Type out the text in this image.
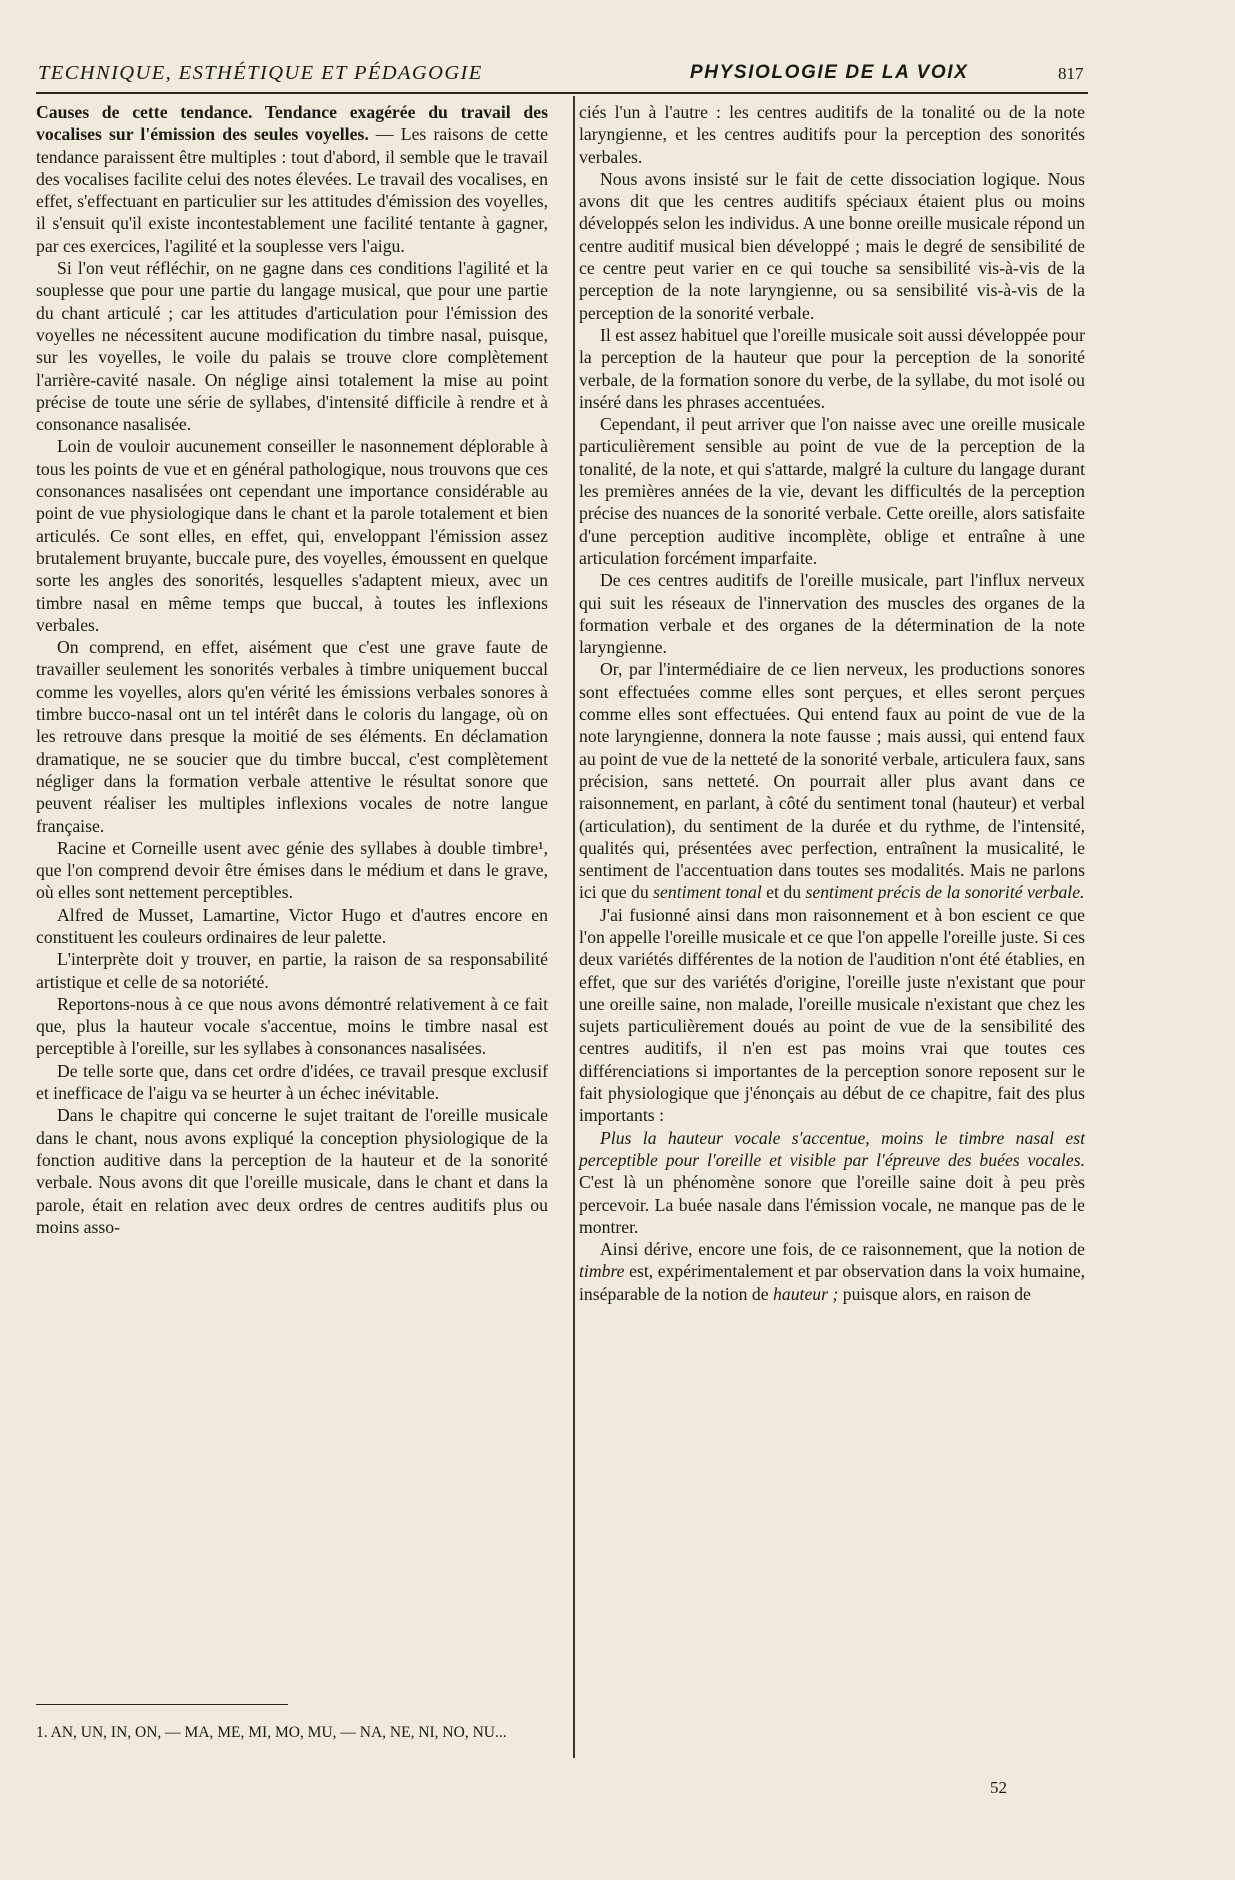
TECHNIQUE, ESTHÉTIQUE ET PÉDAGOGIE	PHYSIOLOGIE DE LA VOIX	817

Causes de cette tendance. Tendance exagérée du travail des vocalises sur l'émission des seules voyelles. — Les raisons de cette tendance paraissent être multiples : tout d'abord, il semble que le travail des vocalises facilite celui des notes élevées. Le travail des vocalises, en effet, s'effectuant en particulier sur les attitudes d'émission des voyelles, il s'ensuit qu'il existe incontestablement une facilité tentante à gagner, par ces exercices, l'agilité et la souplesse vers l'aigu.

Si l'on veut réfléchir, on ne gagne dans ces conditions l'agilité et la souplesse que pour une partie du langage musical, que pour une partie du chant articulé ; car les attitudes d'articulation pour l'émission des voyelles ne nécessitent aucune modification du timbre nasal, puisque, sur les voyelles, le voile du palais se trouve clore complètement l'arrière-cavité nasale. On néglige ainsi totalement la mise au point précise de toute une série de syllabes, d'intensité difficile à rendre et à consonance nasalisée.

Loin de vouloir aucunement conseiller le nasonnement déplorable à tous les points de vue et en général pathologique, nous trouvons que ces consonances nasalisées ont cependant une importance considérable au point de vue physiologique dans le chant et la parole totalement et bien articulés. Ce sont elles, en effet, qui, enveloppant l'émission assez brutalement bruyante, buccale pure, des voyelles, émoussent en quelque sorte les angles des sonorités, lesquelles s'adaptent mieux, avec un timbre nasal en même temps que buccal, à toutes les inflexions verbales.

On comprend, en effet, aisément que c'est une grave faute de travailler seulement les sonorités verbales à timbre uniquement buccal comme les voyelles, alors qu'en vérité les émissions verbales sonores à timbre bucco-nasal ont un tel intérêt dans le coloris du langage, où on les retrouve dans presque la moitié de ses éléments. En déclamation dramatique, ne se soucier que du timbre buccal, c'est complètement négliger dans la formation verbale attentive le résultat sonore que peuvent réaliser les multiples inflexions vocales de notre langue française.

Racine et Corneille usent avec génie des syllabes à double timbre¹, que l'on comprend devoir être émises dans le médium et dans le grave, où elles sont nettement perceptibles.

Alfred de Musset, Lamartine, Victor Hugo et d'autres encore en constituent les couleurs ordinaires de leur palette.

L'interprète doit y trouver, en partie, la raison de sa responsabilité artistique et celle de sa notoriété.

Reportons-nous à ce que nous avons démontré relativement à ce fait que, plus la hauteur vocale s'accentue, moins le timbre nasal est perceptible à l'oreille, sur les syllabes à consonances nasalisées.

De telle sorte que, dans cet ordre d'idées, ce travail presque exclusif et inefficace de l'aigu va se heurter à un échec inévitable.

Dans le chapitre qui concerne le sujet traitant de l'oreille musicale dans le chant, nous avons expliqué la conception physiologique de la fonction auditive dans la perception de la hauteur et de la sonorité verbale. Nous avons dit que l'oreille musicale, dans le chant et dans la parole, était en relation avec deux ordres de centres auditifs plus ou moins asso-

1. AN, UN, IN, ON, — MA, ME, MI, MO, MU, — NA, NE, NI, NO, NU...

ciés l'un à l'autre : les centres auditifs de la tonalité ou de la note laryngienne, et les centres auditifs pour la perception des sonorités verbales.

Nous avons insisté sur le fait de cette dissociation logique. Nous avons dit que les centres auditifs spéciaux étaient plus ou moins développés selon les individus. A une bonne oreille musicale répond un centre auditif musical bien développé ; mais le degré de sensibilité de ce centre peut varier en ce qui touche sa sensibilité vis-à-vis de la perception de la note laryngienne, ou sa sensibilité vis-à-vis de la perception de la sonorité verbale.

Il est assez habituel que l'oreille musicale soit aussi développée pour la perception de la hauteur que pour la perception de la sonorité verbale, de la formation sonore du verbe, de la syllabe, du mot isolé ou inséré dans les phrases accentuées.

Cependant, il peut arriver que l'on naisse avec une oreille musicale particulièrement sensible au point de vue de la perception de la tonalité, de la note, et qui s'attarde, malgré la culture du langage durant les premières années de la vie, devant les difficultés de la perception précise des nuances de la sonorité verbale. Cette oreille, alors satisfaite d'une perception auditive incomplète, oblige et entraîne à une articulation forcément imparfaite.

De ces centres auditifs de l'oreille musicale, part l'influx nerveux qui suit les réseaux de l'innervation des muscles des organes de la formation verbale et des organes de la détermination de la note laryngienne.

Or, par l'intermédiaire de ce lien nerveux, les productions sonores sont effectuées comme elles sont perçues, et elles seront perçues comme elles sont effectuées. Qui entend faux au point de vue de la note laryngienne, donnera la note fausse ; mais aussi, qui entend faux au point de vue de la netteté de la sonorité verbale, articulera faux, sans précision, sans netteté. On pourrait aller plus avant dans ce raisonnement, en parlant, à côté du sentiment tonal (hauteur) et verbal (articulation), du sentiment de la durée et du rythme, de l'intensité, qualités qui, présentées avec perfection, entraînent la musicalité, le sentiment de l'accentuation dans toutes ses modalités. Mais ne parlons ici que du sentiment tonal et du sentiment précis de la sonorité verbale.

J'ai fusionné ainsi dans mon raisonnement et à bon escient ce que l'on appelle l'oreille musicale et ce que l'on appelle l'oreille juste. Si ces deux variétés différentes de la notion de l'audition n'ont été établies, en effet, que sur des variétés d'origine, l'oreille juste n'existant que pour une oreille saine, non malade, l'oreille musicale n'existant que chez les sujets particulièrement doués au point de vue de la sensibilité des centres auditifs, il n'en est pas moins vrai que toutes ces différenciations si importantes de la perception sonore reposent sur le fait physiologique que j'énonçais au début de ce chapitre, fait des plus importants :

Plus la hauteur vocale s'accentue, moins le timbre nasal est perceptible pour l'oreille et visible par l'épreuve des buées vocales. C'est là un phénomène sonore que l'oreille saine doit à peu près percevoir. La buée nasale dans l'émission vocale, ne manque pas de le montrer.

Ainsi dérive, encore une fois, de ce raisonnement, que la notion de timbre est, expérimentalement et par observation dans la voix humaine, inséparable de la notion de hauteur ; puisque alors, en raison de

52
